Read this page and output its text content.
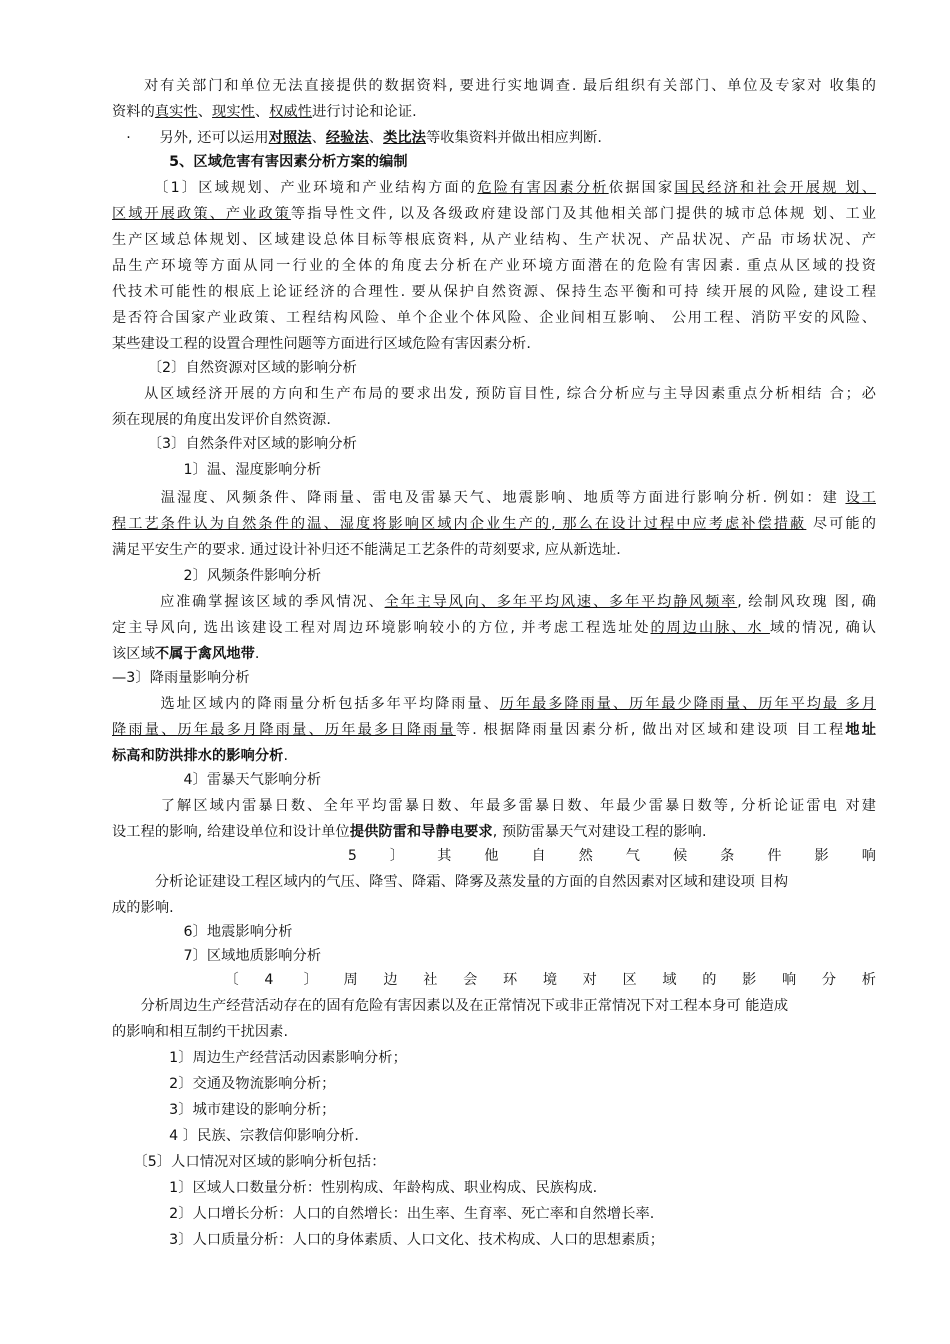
　　对有关部门和单位无法直接提供的数据资料, 要进行实地调查. 最后组织有关部门、单位及专家对 收集的
资料的真实性、现实性、权威性进行讨论和论证.
　·　　另外, 还可以运用对照法、经验法、类比法等收集资料并做出相应判断.
　　　　5、区域危害有害因素分析方案的编制
　　　〔1〕区域规划、产业环境和产业结构方面的危险有害因素分析依据国家国民经济和社会开展规 划、
区域开展政策、产业政策等指导性文件, 以及各级政府建设部门及其他相关部门提供的城市总体规 划、工业
生产区域总体规划、区域建设总体目标等根底资料, 从产业结构、生产状况、产品状况、产品 市场状况、产
品生产环境等方面从同一行业的全体的角度去分析在产业环境方面潜在的危险有害因素. 重点从区域的投资
代技术可能性的根底上论证经济的合理性. 要从保护自然资源、保持生态平衡和可持 续开展的风险, 建设工程
是否符合国家产业政策、工程结构风险、单个企业个体风险、企业间相互影响、 公用工程、消防平安的风险、
某些建设工程的设置合理性问题等方面进行区域危险有害因素分析.
　　　〔2〕自然资源对区域的影响分析
　　从区域经济开展的方向和生产布局的要求出发, 预防盲目性, 综合分析应与主导因素重点分析相结 合；必
须在现展的角度出发评价自然资源.
　　　〔3〕自然条件对区域的影响分析
　　　　　1〕温、湿度影响分析
　　　温湿度、风频条件、降雨量、雷电及雷暴天气、地震影响、地质等方面进行影响分析. 例如：建 设工
程工艺条件认为自然条件的温、湿度将影响区域内企业生产的, 那么在设计过程中应考虑补偿措蔽 尽可能的
满足平安生产的要求. 通过设计补归还不能满足工艺条件的苛刻要求, 应从新选址.
　　　　　2〕风频条件影响分析
　　　应准确掌握该区域的季风情况、全年主导风向、多年平均风速、多年平均静风频率, 绘制风玫瑰 图, 确
定主导风向, 选出该建设工程对周边环境影响较小的方位, 并考虑工程选址处的周边山脉、水 域的情况, 确认
该区域不属于禽风地带.
—3〕降雨量影响分析
　　　选址区域内的降雨量分析包括多年平均降雨量、历年最多降雨量、历年最少降雨量、历年平均最 多月
降雨量、历年最多月降雨量、历年最多日降雨量等. 根据降雨量因素分析, 做出对区域和建设项 目工程地址
标高和防洪排水的影响分析.
　　　　　4〕雷暴天气影响分析
　　　了解区域内雷暴日数、全年平均雷暴日数、年最多雷暴日数、年最少雷暴日数等, 分析论证雷电 对建
设工程的影响, 给建设单位和设计单位提供防雷和导静电要求, 预防雷暴天气对建设工程的影响.
　　　　　5〕其他自然气候条件影响
　　　分析论证建设工程区域内的气压、降雪、降霜、降雾及蒸发量的方面的自然因素对区域和建设项 目构
成的影响.
　　　　　6〕地震影响分析
　　　　　7〕区域地质影响分析
　　　〔4 〕周边社会环境对区域的影响分析
　　分析周边生产经营活动存在的固有危险有害因素以及在正常情况下或非正常情况下对工程本身可 能造成
的影响和相互制约干扰因素.
　　　　1〕周边生产经营活动因素影响分析；
　　　　2〕交通及物流影响分析；
　　　　3〕城市建设的影响分析；
　　　　4 〕民族、宗教信仰影响分析.
　　〔5〕人口情况对区域的影响分析包括：
　　　　1〕区域人口数量分析：性别构成、年龄构成、职业构成、民族构成.
　　　　2〕人口增长分析：人口的自然增长：出生率、生育率、死亡率和自然增长率.
　　　　3〕人口质量分析：人口的身体素质、人口文化、技术构成、人口的思想素质；
